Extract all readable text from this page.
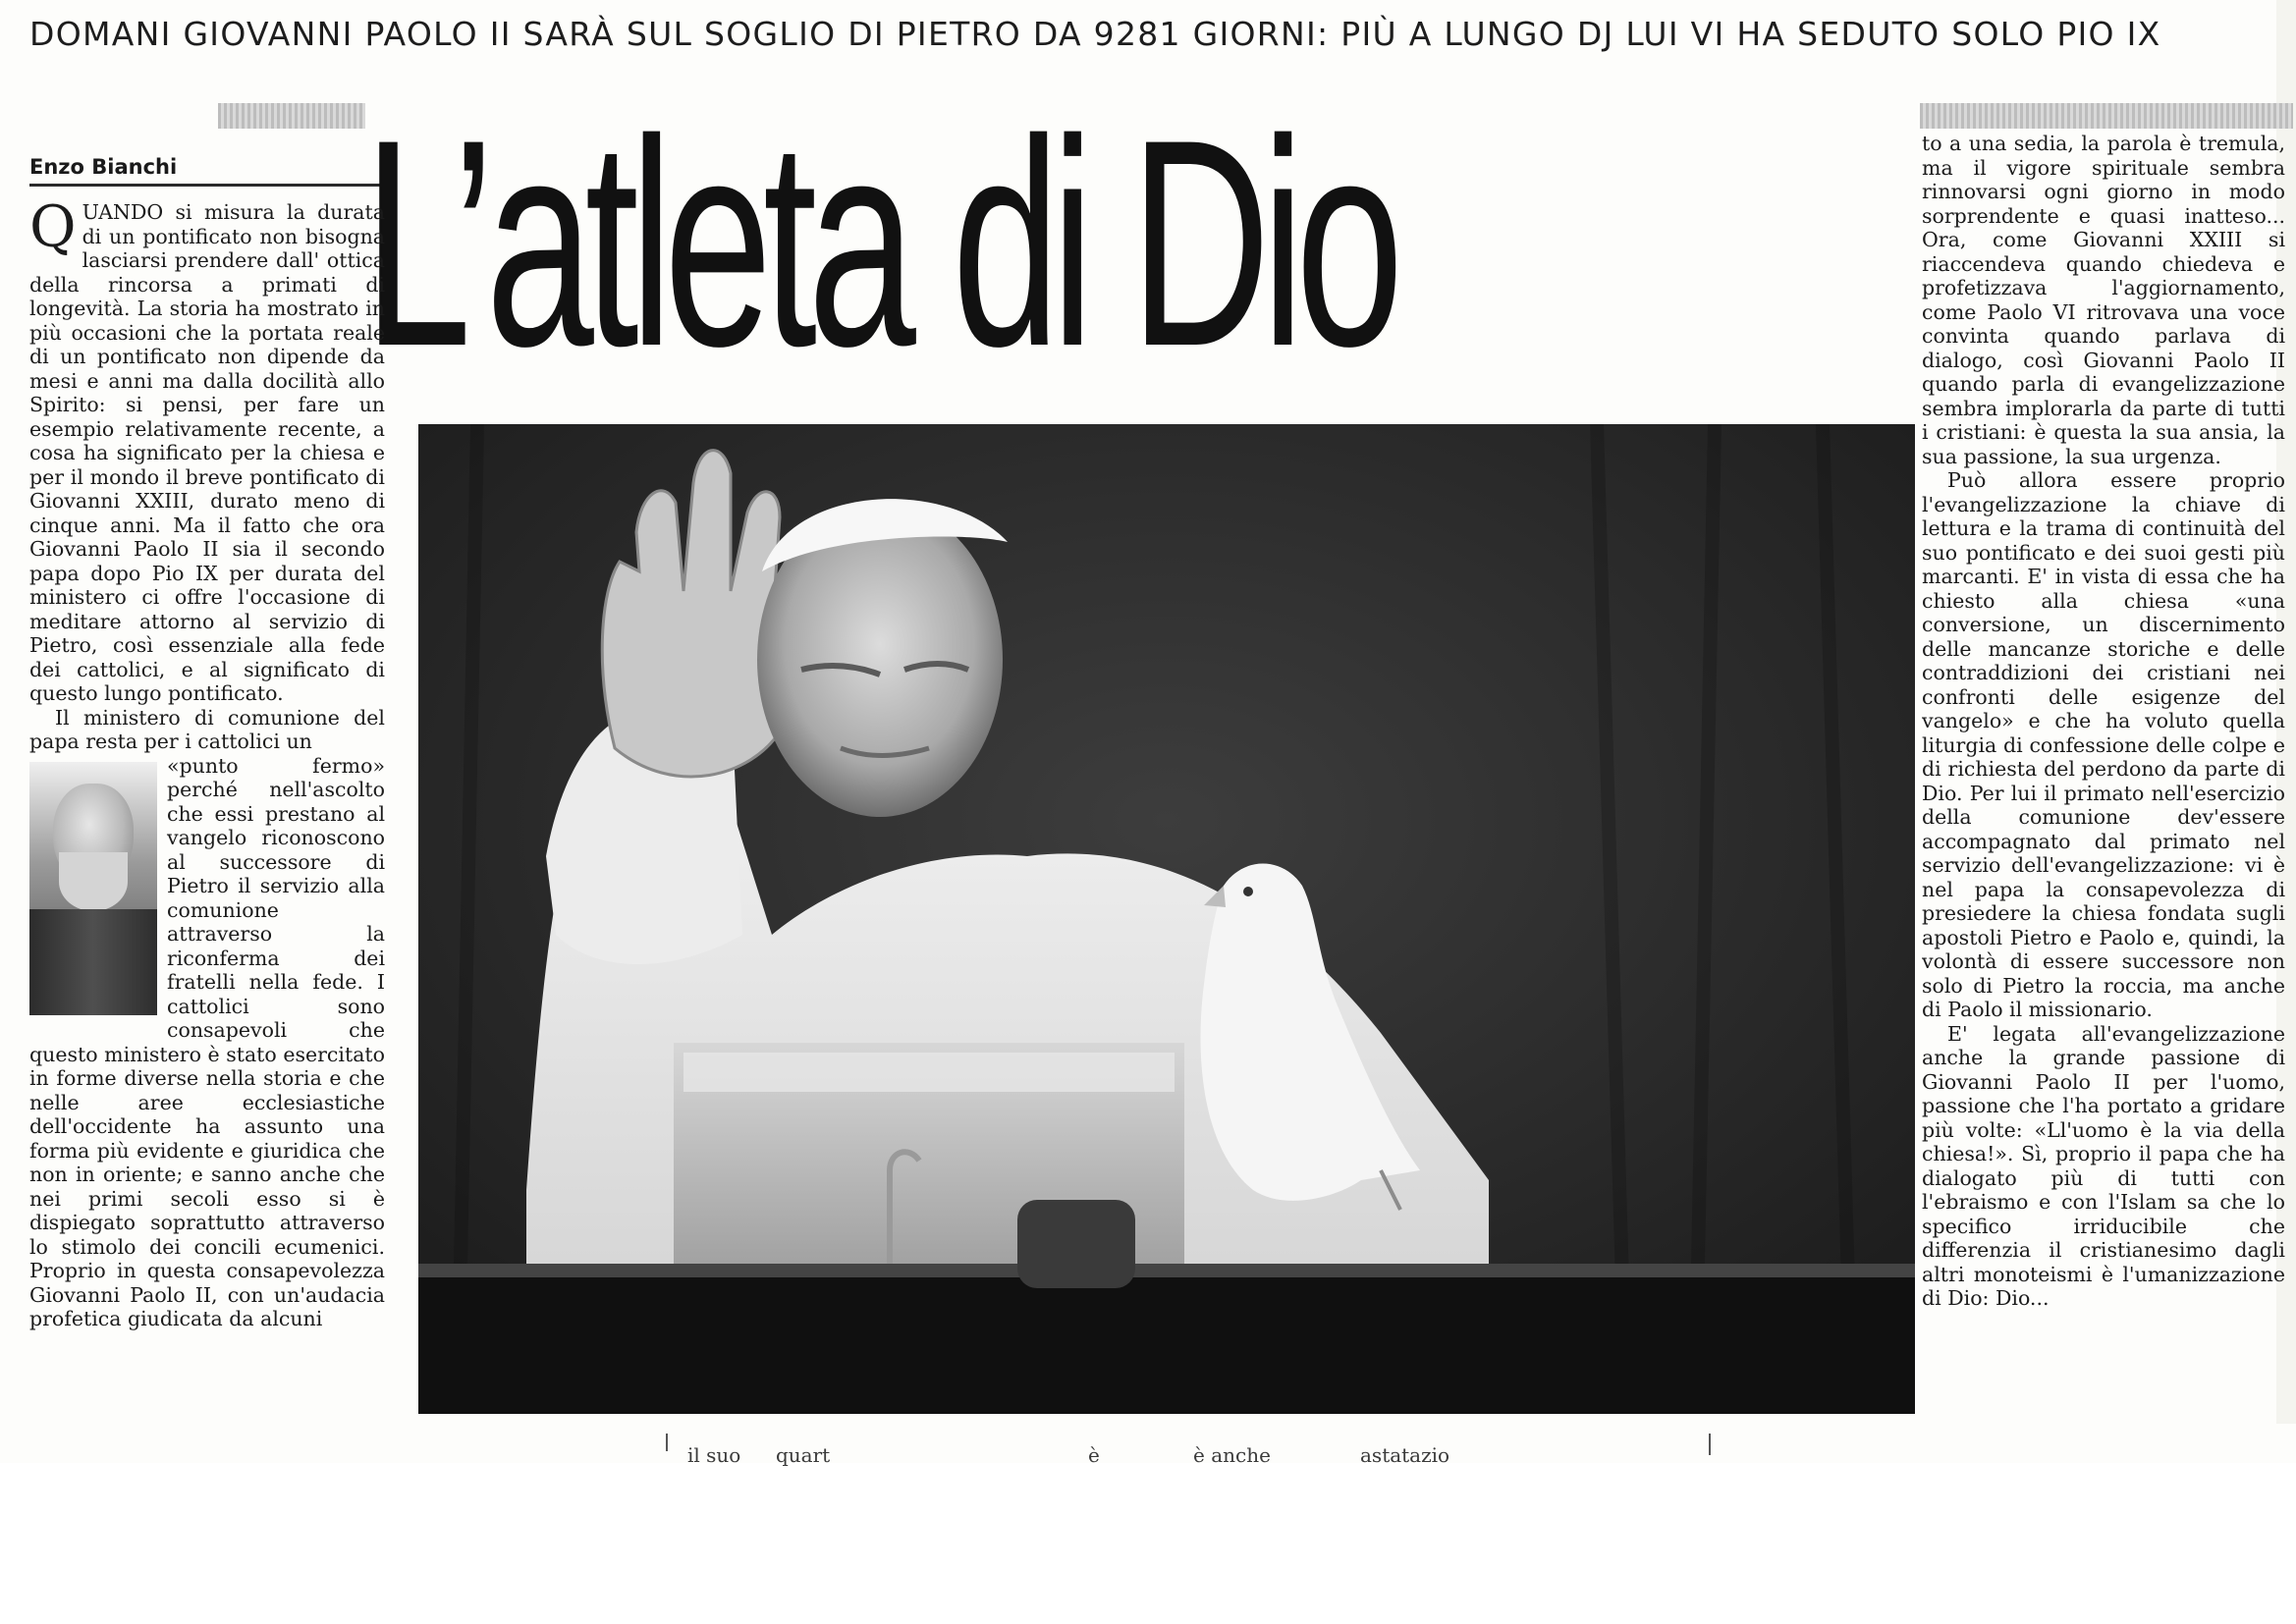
DOMANI GIOVANNI PAOLO II SARÀ SUL SOGLIO DI PIETRO DA 9281 GIORNI: PIÙ A LUNGO DJ LUI VI HA SEDUTO SOLO PIO IX
Enzo Bianchi L’atleta di Dio

QUANDO si misura la durata di un pontificato non bisogna lasciarsi prendere dall' ottica della rincorsa a primati di longevità. La storia ha mostrato in più occasioni che la portata reale di un pontificato non dipende da mesi e anni ma dalla docilità allo Spirito: si pensi, per fare un esempio relativamente recente, a cosa ha significato per la chiesa e per il mondo il breve pontificato di Giovanni XXIII, durato meno di cinque anni. Ma il fatto che ora Giovanni Paolo II sia il secondo papa dopo Pio IX per durata del ministero ci offre l'occasione di meditare attorno al servizio di Pietro, così essenziale alla fede dei cattolici, e al significato di questo lungo pontificato.

Il ministero di comunione del papa resta per i cattolici un

«punto fermo» perché nell'ascolto che essi prestano al vangelo riconoscono al successore di Pietro il servizio alla comunione attraverso la riconferma dei fratelli nella fede. I cattolici sono consapevoli che questo ministero è stato esercitato in forme diverse nella storia e che nelle aree ecclesiastiche dell'occidente ha assunto una forma più evidente e giuridica che non in oriente; e sanno anche che nei primi secoli esso si è dispiegato soprattutto attraverso lo stimolo dei concili ecumenici. Proprio in questa consapevolezza Giovanni Paolo II, con un'audacia profetica giudicata da alcuni

to a una sedia, la parola è tremula, ma il vigore spirituale sembra rinnovarsi ogni giorno in modo sorprendente e quasi inatteso... Ora, come Giovanni XXIII si riaccendeva quando chiedeva e profetizzava l'aggiornamento, come Paolo VI ritrovava una voce convinta quando parlava di dialogo, così Giovanni Paolo II quando parla di evangelizzazione sembra implorarla da parte di tutti i cristiani: è questa la sua ansia, la sua passione, la sua urgenza.

Può allora essere proprio l'evangelizzazione la chiave di lettura e la trama di continuità del suo pontificato e dei suoi gesti più marcanti. E' in vista di essa che ha chiesto alla chiesa «una conversione, un discernimento delle mancanze storiche e delle contraddizioni dei cristiani nei confronti delle esigenze del vangelo» e che ha voluto quella liturgia di confessione delle colpe e di richiesta del perdono da parte di Dio. Per lui il primato nell'esercizio della comunione dev'essere accompagnato dal primato nel servizio dell'evangelizzazione: vi è nel papa la consapevolezza di presiedere la chiesa fondata sugli apostoli Pietro e Paolo e, quindi, la volontà di essere successore non solo di Pietro la roccia, ma anche di Paolo il missionario.

E' legata all'evangelizzazione anche la grande passione di Giovanni Paolo II per l'uomo, passione che l'ha portato a gridare più volte: «Ll'uomo è la via della chiesa!». Sì, proprio il papa che ha dialogato più di tutti con l'ebraismo e con l'Islam sa che lo specifico irriducibile che differenzia il cristianesimo dagli altri monoteismi è l'umanizzazione di Dio: Dio...

il suo quart	è	è anche	astatazio
